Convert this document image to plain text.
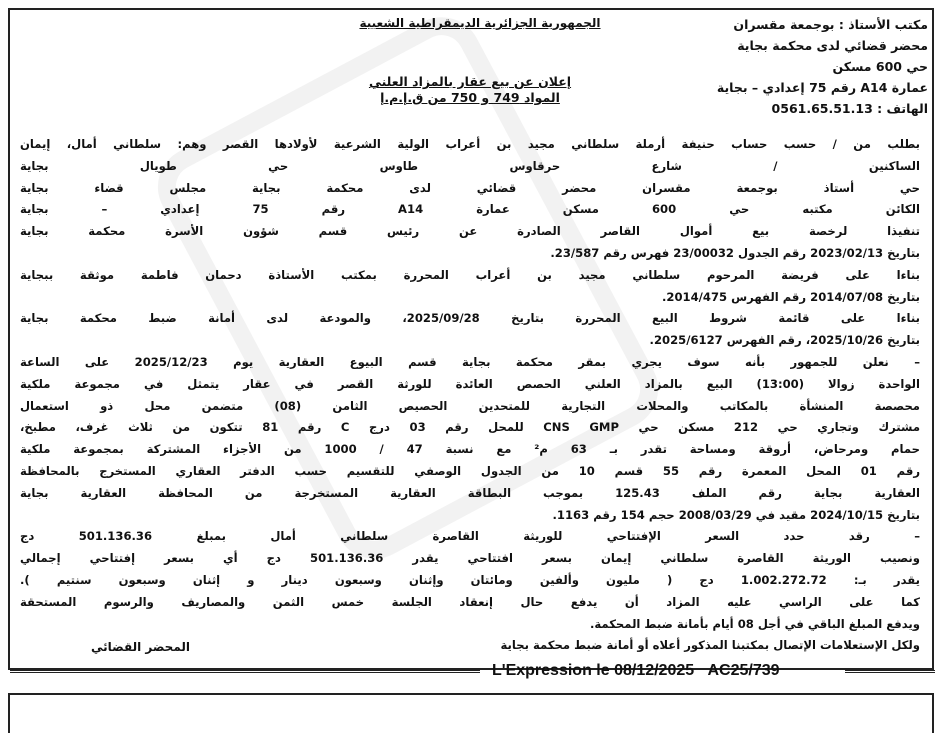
مكتب الأستاذ : بوجمعة مقسران
محضر قضائي لدى محكمة بجاية
حي 600 مسكن
عمارة A14 رقم 75 إعدادي – بجاية
الهاتف : 0561.65.51.13
الجمهورية الجزائرية الديمقراطية الشعبية
إعلان عن بيع عقار بالمزاد العلني
المواد 749 و 750 من ق.إ.م.إ

بطلب من / حسب حساب حنيفة أرملة سلطاني مجيد بن أعراب الولية الشرعية لأولادها القصر وهم: سلطاني أمال، إيمان

الساكنين / شارع حرقاوس طاوس حي طويال بجاية

حي أستاذ بوجمعة مقسران محضر قضائي لدى محكمة بجاية مجلس قضاء بجاية

الكائن مكتبه حي 600 مسكن عمارة A14 رقم 75 إعدادي – بجاية

تنفيذا لرخصة بيع أموال القاصر الصادرة عن رئيس قسم شؤون الأسرة محكمة بجاية

بتاريخ 2023/02/13 رقم الجدول 23/00032 فهرس رقم 23/587.

بناءا على فريضة المرحوم سلطاني مجيد بن أعراب المحررة بمكتب الأستاذة دحمان فاطمة موثقة ببجاية

بتاريخ 2014/07/08 رقم الفهرس 2014/475.

بناءا على قائمة شروط البيع المحررة بتاريخ 2025/09/28، والمودعة لدى أمانة ضبط محكمة بجاية

بتاريخ 2025/10/26، رقم الفهرس 2025/6127.

– نعلن للجمهور بأنه سوف يجري بمقر محكمة بجاية قسم البيوع العقارية يوم 2025/12/23 على الساعة

الواحدة زوالا (13:00) البيع بالمزاد العلني الحصص العائدة للورثة القصر في عقار يتمثل في مجموعة ملكية

محصصة المنشأة بالمكاتب والمحلات التجارية للمتحدين الحصيص الثامن (08) متضمن محل ذو استعمال

مشترك وتجاري حي 212 مسكن حي CNS GMP للمحل رقم 03 درج C رقم 81 تتكون من ثلاث غرف، مطبخ،

حمام ومرحاض، أروقة ومساحة تقدر بـ 63 م² مع نسبة 47 / 1000 من الأجزاء المشتركة بمجموعة ملكية

رقم 01 المحل المعمرة رقم 55 قسم 10 من الجدول الوصفي للتقسيم حسب الدفتر العقاري المستخرج بالمحافظة

العقارية بجاية رقم الملف 125.43 بموجب البطاقة العقارية المستخرجة من المحافظة العقارية بجاية

بتاريخ 2024/10/15 مقيد في 2008/03/29 حجم 154 رقم 1163.

– رقد حدد السعر الإفتتاحي للوريثة القاصرة سلطاني أمال بمبلغ 501.136.36 دج

ونصيب الوريثة القاصرة سلطاني إيمان بسعر افتتاحي يقدر 501.136.36 دج أي بسعر إفتتاحي إجمالي

يقدر بـ: 1.002.272.72 دج ( مليون وألفين ومائتان وإثنان وسبعون دينار و إثنان وسبعون سنتيم ).

كما على الراسي عليه المزاد أن يدفع حال إنعقاد الجلسة خمس الثمن والمصاريف والرسوم المستحقة

ويدفع المبلغ الباقي في أجل 08 أيام بأمانة ضبط المحكمة.

ولكل الإستعلامات الإتصال بمكتبنا المذكور أعلاه أو أمانة ضبط محكمة بجاية

المحضر القضائي
L'Expression le 08/12/2025 AC25/739
